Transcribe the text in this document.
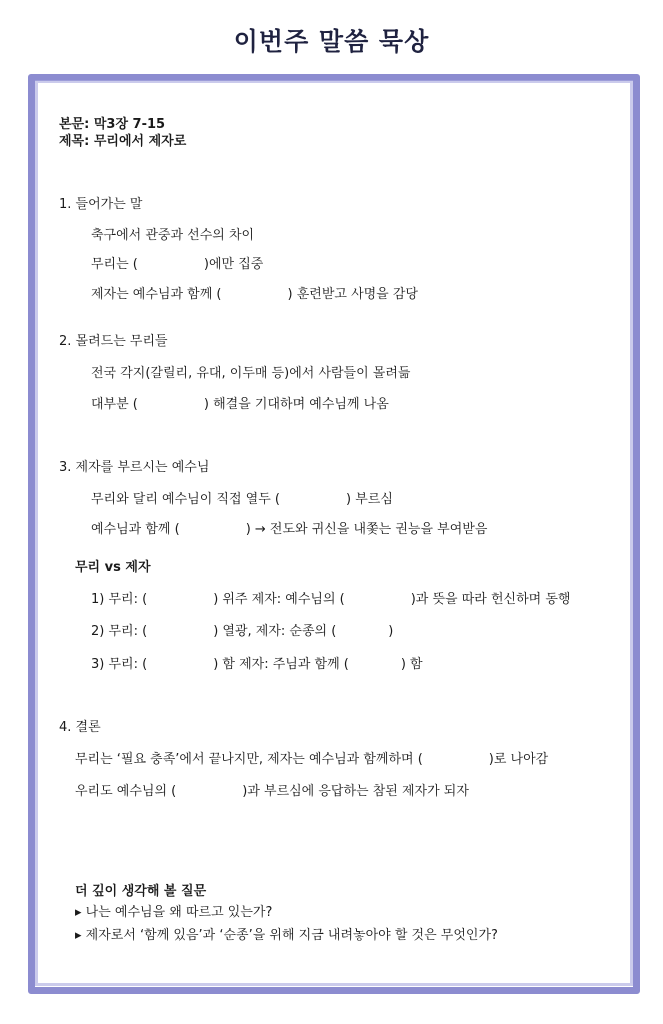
이번주 말씀 묵상
본문: 막3장 7-15
제목: 무리에서 제자로
1. 들어가는 말
축구에서 관중과 선수의 차이
무리는 (	)에만 집중
제자는 예수님과 함께 (	) 훈련받고 사명을 감당
2. 몰려드는 무리들
전국 각지(갈릴리, 유대, 이두매 등)에서 사람들이 몰려듦
대부분 (	) 해결을 기대하며 예수님께 나옴
3. 제자를 부르시는 예수님
무리와 달리 예수님이 직접 열두 (	) 부르심
예수님과 함께 (	) → 전도와 귀신을 내쫓는 권능을 부여받음
무리 vs 제자
1) 무리: (	) 위주 제자: 예수님의 (	)과 뜻을 따라 헌신하며 동행
2) 무리: (	) 열광, 제자: 순종의 (	)
3) 무리: (	) 함 제자: 주님과 함께 (	) 함
4. 결론
무리는 ‘필요 충족’에서 끝나지만, 제자는 예수님과 함께하며 (	)로 나아감
우리도 예수님의 (	)과 부르심에 응답하는 참된 제자가 되자
더 깊이 생각해 볼 질문
▸ 나는 예수님을 왜 따르고 있는가?
▸ 제자로서 ‘함께 있음’과 ‘순종’을 위해 지금 내려놓아야 할 것은 무엇인가?
